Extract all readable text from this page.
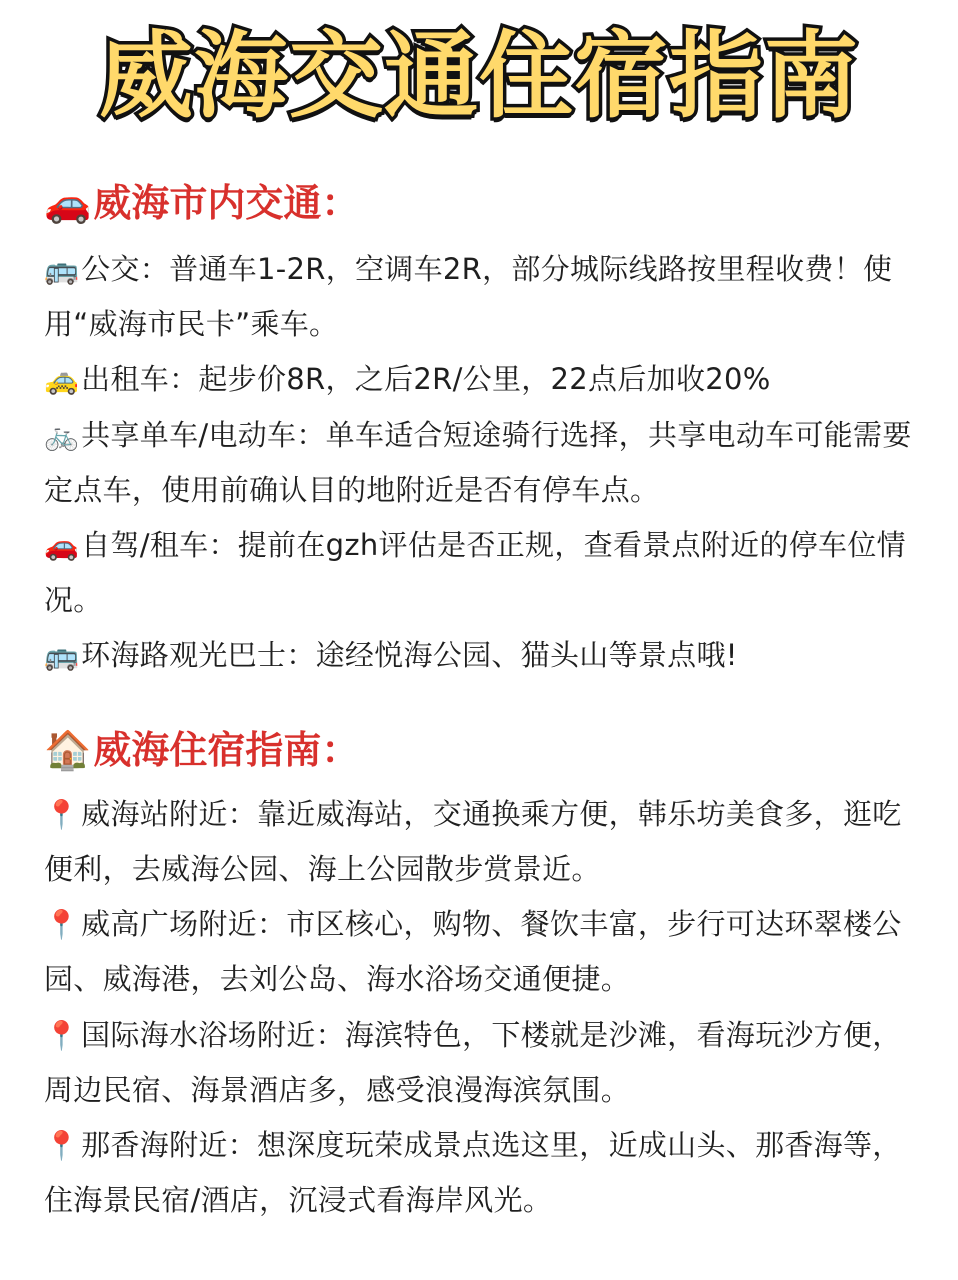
威海交通住宿指南
🚗威海市内交通：
🚌公交：普通车1-2R，空调车2R，部分城际线路按里程收费！使用“威海市民卡”乘车。
🚕出租车：起步价8R，之后2R/公里，22点后加收20%
🚲共享单车/电动车：单车适合短途骑行选择，共享电动车可能需要定点车，使用前确认目的地附近是否有停车点。
🚗自驾/租车：提前在gzh评估是否正规，查看景点附近的停车位情况。
🚌环海路观光巴士：途经悦海公园、猫头山等景点哦!
🏠威海住宿指南：
📍威海站附近：靠近威海站，交通换乘方便，韩乐坊美食多，逛吃便利，去威海公园、海上公园散步赏景近。
📍威高广场附近：市区核心，购物、餐饮丰富，步行可达环翠楼公园、威海港，去刘公岛、海水浴场交通便捷。
📍国际海水浴场附近：海滨特色，下楼就是沙滩，看海玩沙方便，周边民宿、海景酒店多，感受浪漫海滨氛围。
📍那香海附近：想深度玩荣成景点选这里，近成山头、那香海等，住海景民宿/酒店，沉浸式看海岸风光。
